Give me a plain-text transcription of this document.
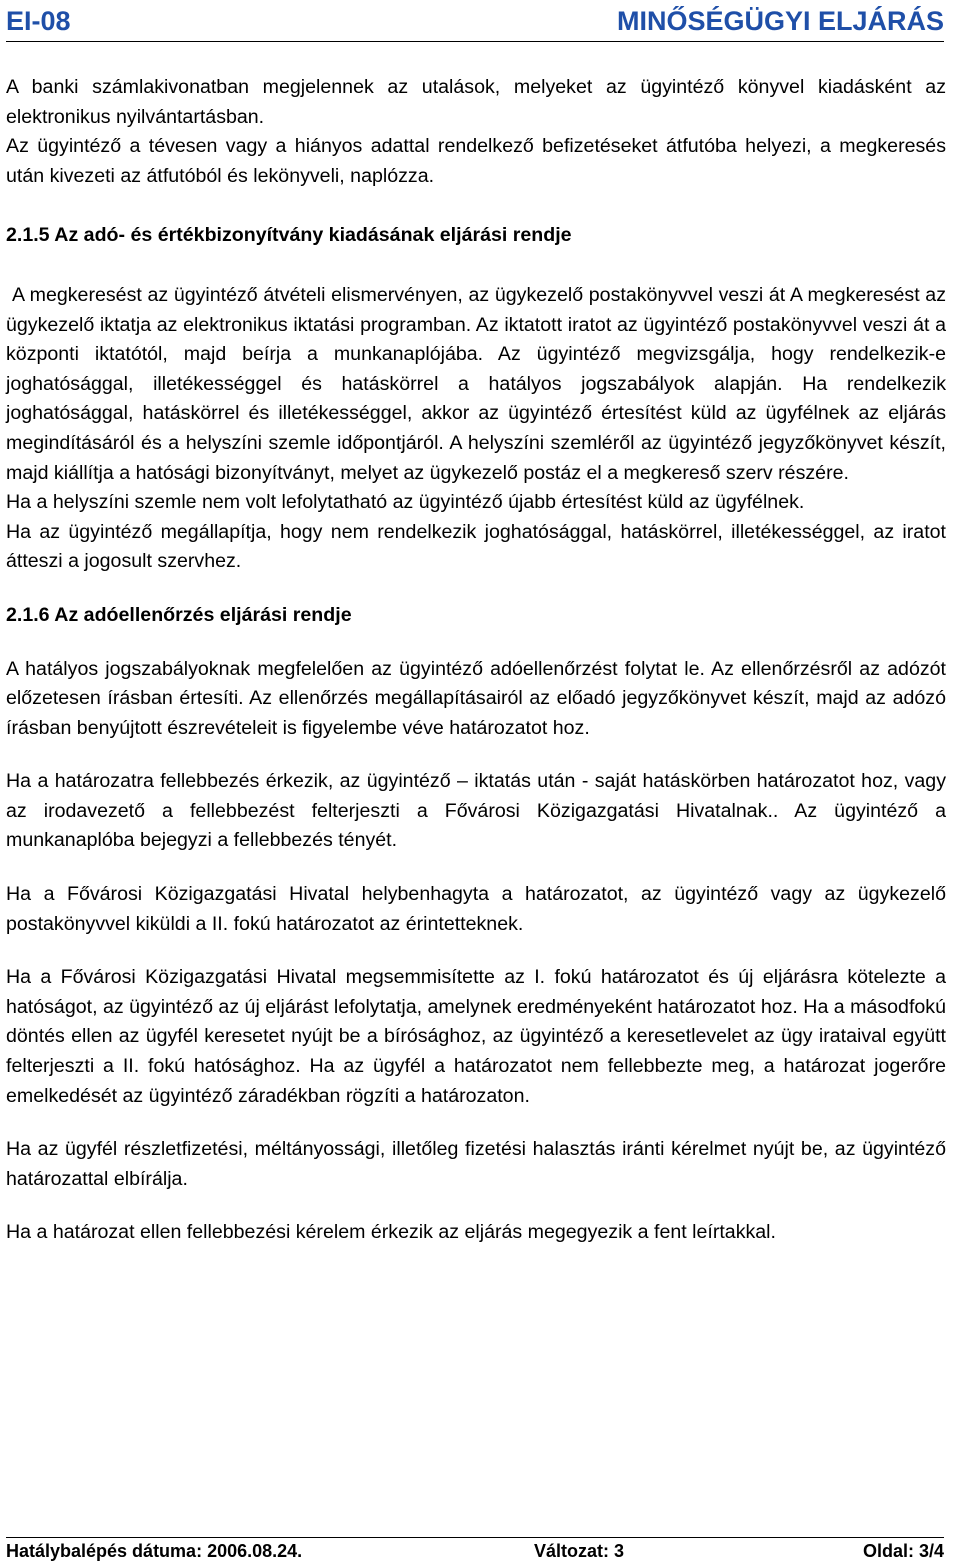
EI-08	MINŐSÉGÜGYI ELJÁRÁS

A banki számlakivonatban megjelennek az utalások, melyeket az ügyintéző könyvel kiadásként az elektronikus nyilvántartásban.

Az ügyintéző a tévesen vagy a hiányos adattal rendelkező befizetéseket átfutóba helyezi, a megkeresés után kivezeti az átfutóból és lekönyveli, naplózza.

2.1.5 Az adó- és értékbizonyítvány kiadásának eljárási rendje

A megkeresést az ügyintéző átvételi elismervényen, az ügykezelő postakönyvvel veszi át A megkeresést az ügykezelő iktatja az elektronikus iktatási programban. Az iktatott iratot az ügyintéző postakönyvvel veszi át a központi iktatótól, majd beírja a munkanaplójába. Az ügyintéző megvizsgálja, hogy rendelkezik-e joghatósággal, illetékességgel és hatáskörrel a hatályos jogszabályok alapján. Ha rendelkezik joghatósággal, hatáskörrel és illetékességgel, akkor az ügyintéző értesítést küld az ügyfélnek az eljárás megindításáról és a helyszíni szemle időpontjáról. A helyszíni szemléről az ügyintéző jegyzőkönyvet készít, majd kiállítja a hatósági bizonyítványt, melyet az ügykezelő postáz el a megkereső szerv részére.

Ha a helyszíni szemle nem volt lefolytatható az ügyintéző újabb értesítést küld az ügyfélnek.

Ha az ügyintéző megállapítja, hogy nem rendelkezik joghatósággal, hatáskörrel, illetékességgel, az iratot átteszi a jogosult szervhez.

2.1.6 Az adóellenőrzés eljárási rendje

A hatályos jogszabályoknak megfelelően az ügyintéző adóellenőrzést folytat le. Az ellenőrzésről az adózót előzetesen írásban értesíti. Az ellenőrzés megállapításairól az előadó jegyzőkönyvet készít, majd az adózó írásban benyújtott észrevételeit is figyelembe véve határozatot hoz.

Ha a határozatra fellebbezés érkezik, az ügyintéző – iktatás után - saját hatáskörben határozatot hoz, vagy az irodavezető a fellebbezést felterjeszti a Fővárosi Közigazgatási Hivatalnak.. Az ügyintéző a munkanaplóba bejegyzi a fellebbezés tényét.

Ha a Fővárosi Közigazgatási Hivatal helybenhagyta a határozatot, az ügyintéző vagy az ügykezelő postakönyvvel kiküldi a II. fokú határozatot az érintetteknek.

Ha a Fővárosi Közigazgatási Hivatal megsemmisítette az I. fokú határozatot és új eljárásra kötelezte a hatóságot, az ügyintéző az új eljárást lefolytatja, amelynek eredményeként határozatot hoz. Ha a másodfokú döntés ellen az ügyfél keresetet nyújt be a bírósághoz, az ügyintéző a keresetlevelet az ügy irataival együtt felterjeszti a II. fokú hatósághoz. Ha az ügyfél a határozatot nem fellebbezte meg, a határozat jogerőre emelkedését az ügyintéző záradékban rögzíti a határozaton.

Ha az ügyfél részletfizetési, méltányossági, illetőleg fizetési halasztás iránti kérelmet nyújt be, az ügyintéző határozattal elbírálja.

Ha a határozat ellen fellebbezési kérelem érkezik az eljárás megegyezik a fent leírtakkal.

Hatálybalépés dátuma: 2006.08.24.	Változat: 3	Oldal: 3/4
